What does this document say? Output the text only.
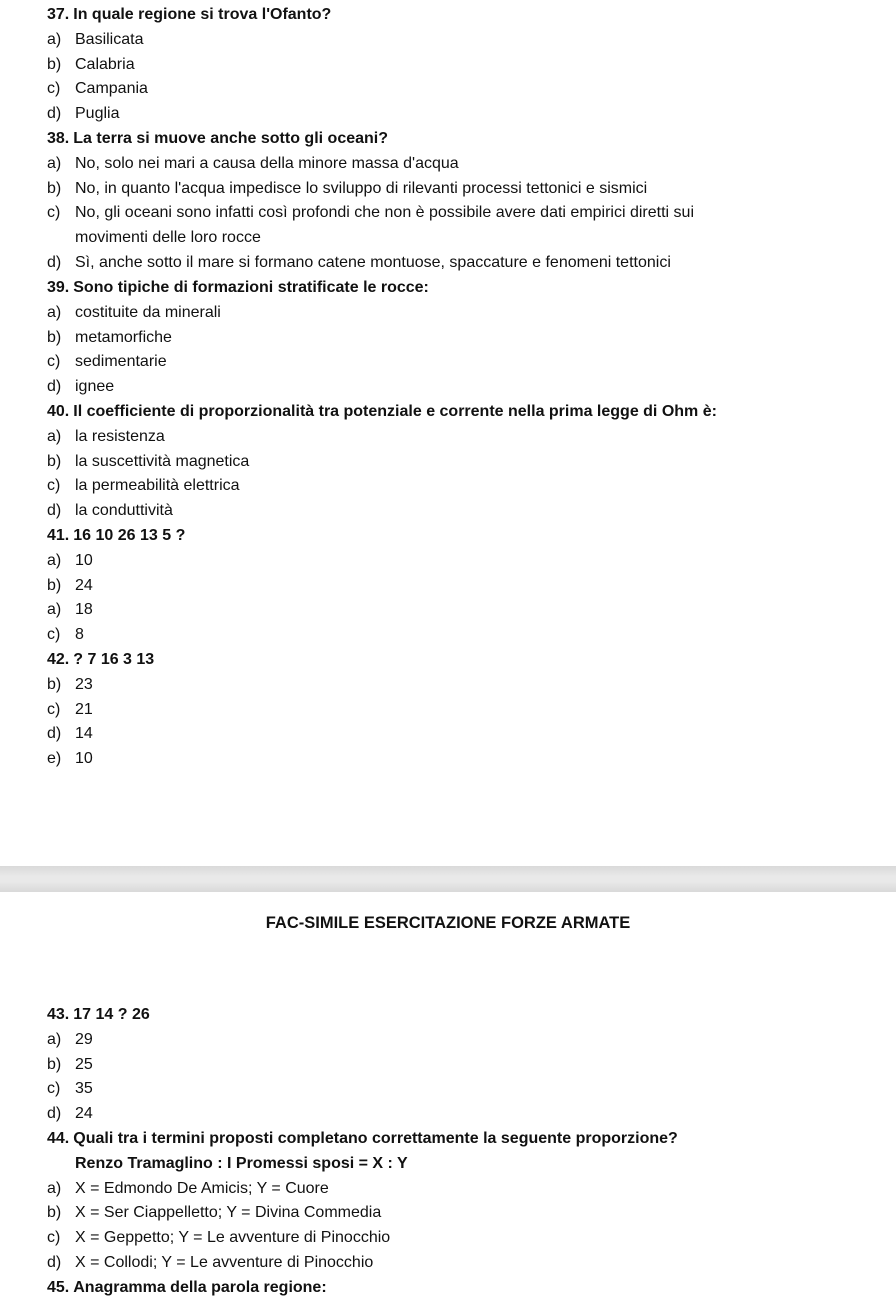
37. In quale regione si trova l'Ofanto?
a) Basilicata
b) Calabria
c) Campania
d) Puglia
38. La terra si muove anche sotto gli oceani?
a) No, solo nei mari a causa della minore massa d'acqua
b) No, in quanto l'acqua impedisce lo sviluppo di rilevanti processi tettonici e sismici
c) No, gli oceani sono infatti così profondi che non è possibile avere dati empirici diretti sui
movimenti delle loro rocce
d) Sì, anche sotto il mare si formano catene montuose, spaccature e fenomeni tettonici
39. Sono tipiche di formazioni stratificate le rocce:
a) costituite da minerali
b) metamorfiche
c) sedimentarie
d) ignee
40. Il coefficiente di proporzionalità tra potenziale e corrente nella prima legge di Ohm è:
a) la resistenza
b) la suscettività magnetica
c) la permeabilità elettrica
d) la conduttività
41. 16 10 26 13 5 ?
a) 10
b) 24
a) 18
c) 8
42. ? 7 16 3 13
b) 23
c) 21
d) 14
e) 10
FAC-SIMILE ESERCITAZIONE FORZE ARMATE
43. 17 14 ? 26
a) 29
b) 25
c) 35
d) 24
44. Quali tra i termini proposti completano correttamente la seguente proporzione?
Renzo Tramaglino : I Promessi sposi = X : Y
a) X = Edmondo De Amicis; Y = Cuore
b) X = Ser Ciappelletto; Y = Divina Commedia
c) X = Geppetto; Y = Le avventure di Pinocchio
d) X = Collodi; Y = Le avventure di Pinocchio
45. Anagramma della parola regione:
